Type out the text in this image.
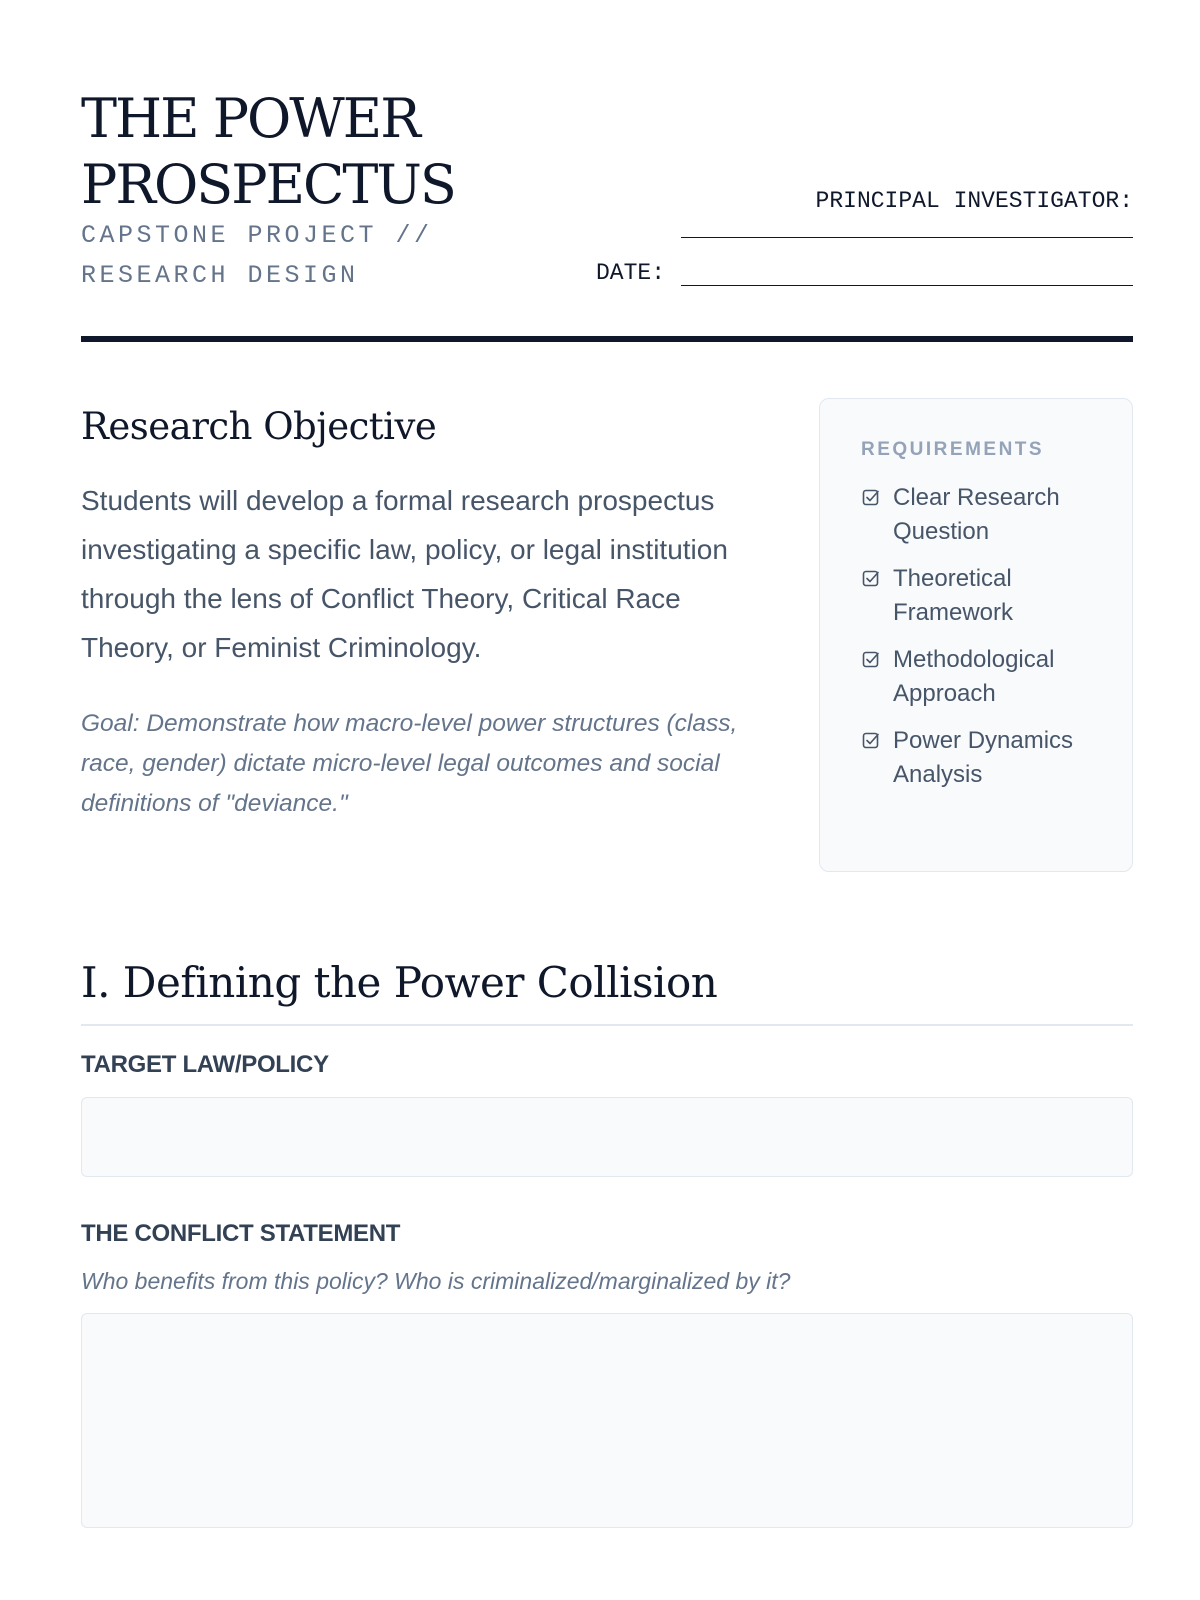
THE POWER
PROSPECTUS
CAPSTONE PROJECT // RESEARCH DESIGN
PRINCIPAL INVESTIGATOR:
DATE:
Research Objective

Students will develop a formal research prospectus investigating a specific law, policy, or legal institution through the lens of Conflict Theory, Critical Race Theory, or Feminist Criminology.

Goal: Demonstrate how macro-level power structures (class, race, gender) dictate micro-level legal outcomes and social definitions of "deviance."

REQUIREMENTS
Clear Research Question
Theoretical Framework
Methodological Approach
Power Dynamics Analysis
I. Defining the Power Collision
TARGET LAW/POLICY
THE CONFLICT STATEMENT
Who benefits from this policy? Who is criminalized/marginalized by it?
